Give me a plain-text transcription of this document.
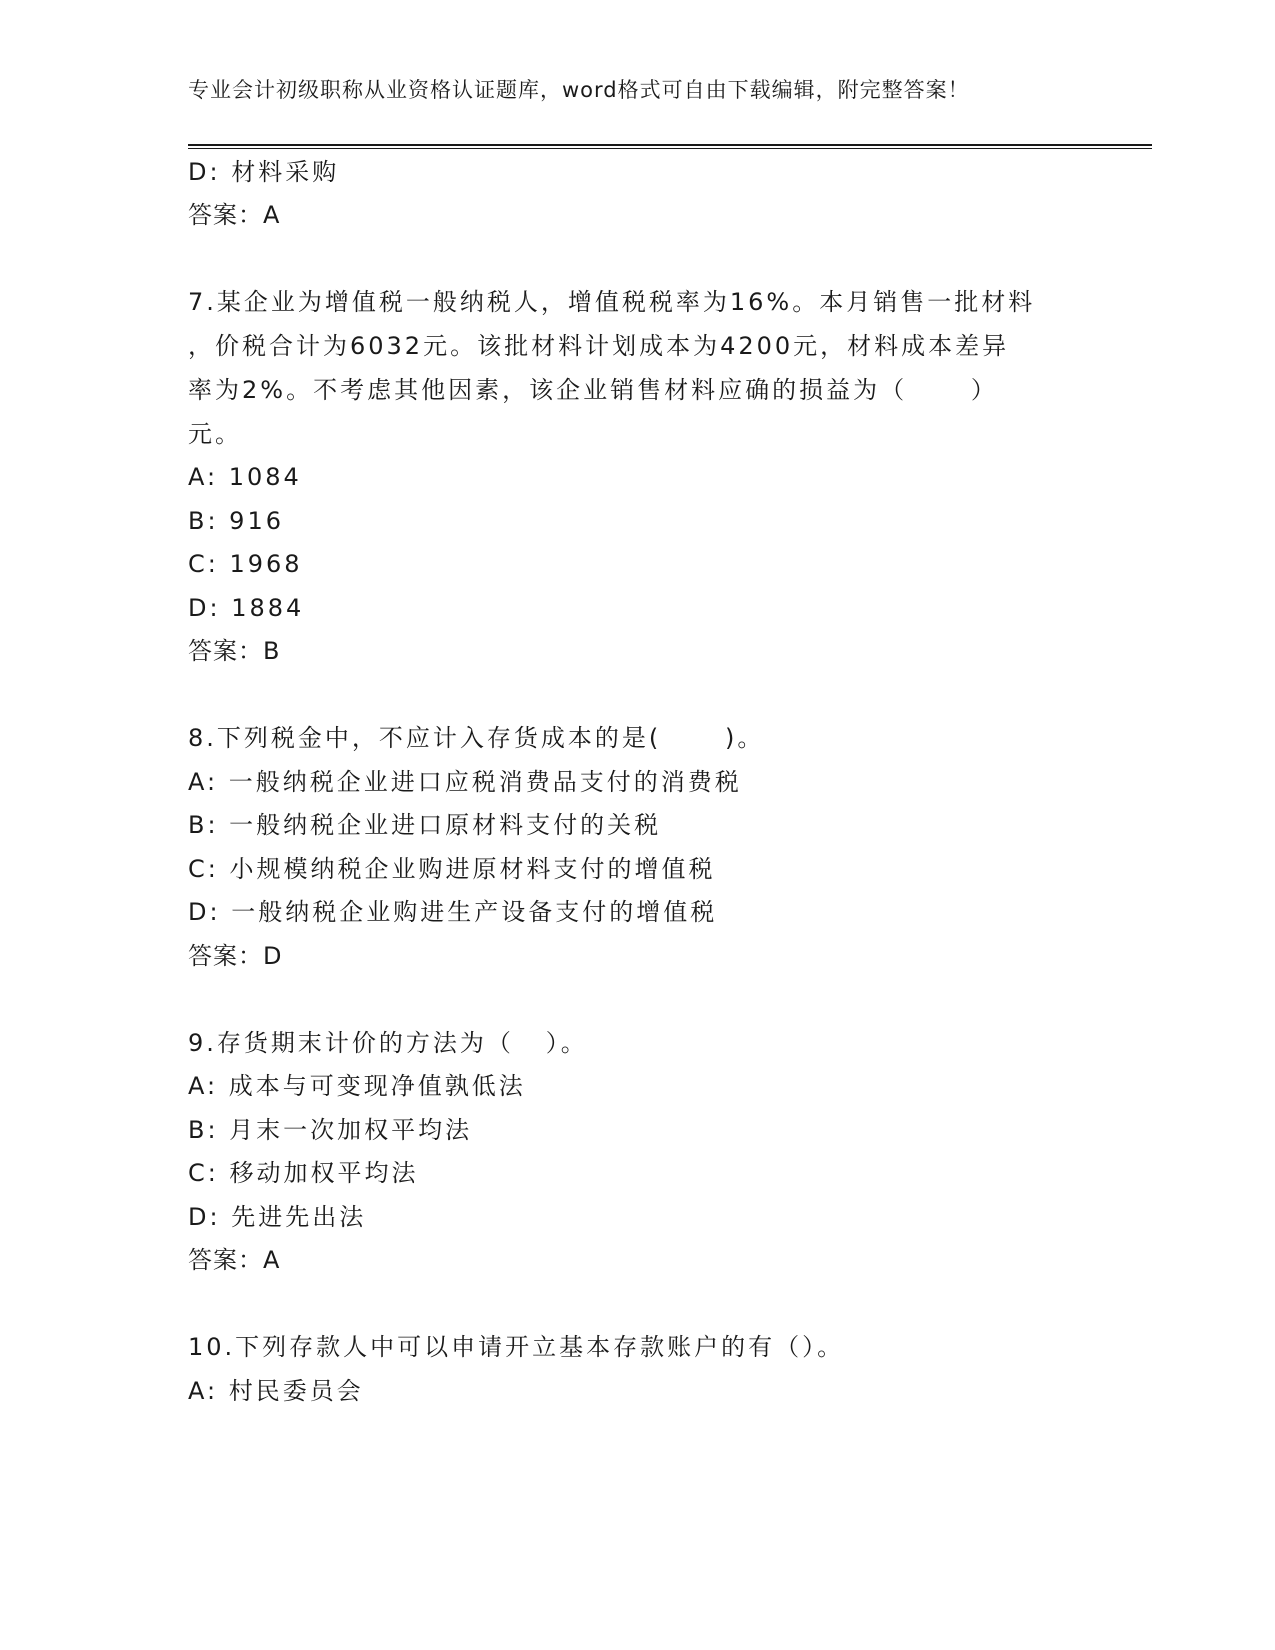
专业会计初级职称从业资格认证题库，word格式可自由下载编辑，附完整答案！
D: 材料采购
答案：A
7.某企业为增值税一般纳税人，增值税税率为16%。本月销售一批材料
，价税合计为6032元。该批材料计划成本为4200元，材料成本差异
率为2%。不考虑其他因素，该企业销售材料应确的损益为（      ）
元。
A: 1084
B: 916
C: 1968
D: 1884
答案：B
8.下列税金中，不应计入存货成本的是(      )。
A: 一般纳税企业进口应税消费品支付的消费税
B: 一般纳税企业进口原材料支付的关税
C: 小规模纳税企业购进原材料支付的增值税
D: 一般纳税企业购进生产设备支付的增值税
答案：D
9.存货期末计价的方法为（   ）。
A: 成本与可变现净值孰低法
B: 月末一次加权平均法
C: 移动加权平均法
D: 先进先出法
答案：A
10.下列存款人中可以申请开立基本存款账户的有（）。
A: 村民委员会
